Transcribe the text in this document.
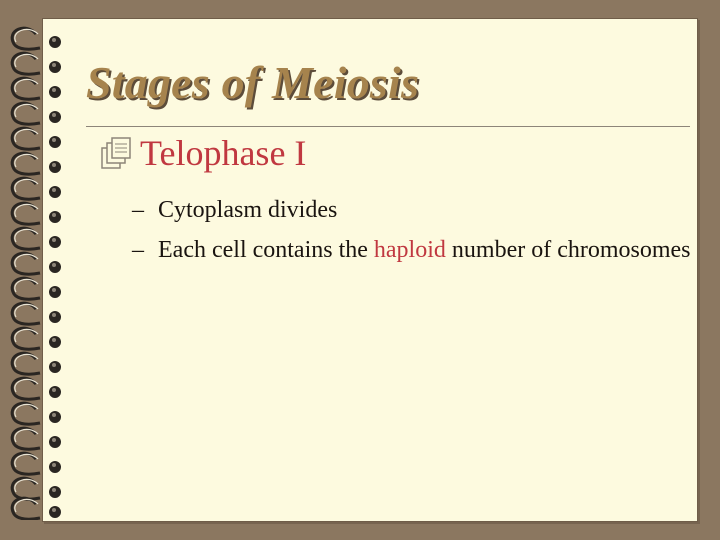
Stages of Meiosis
Telophase I
– Cytoplasm divides
– Each cell contains the haploid number of chromosomes
